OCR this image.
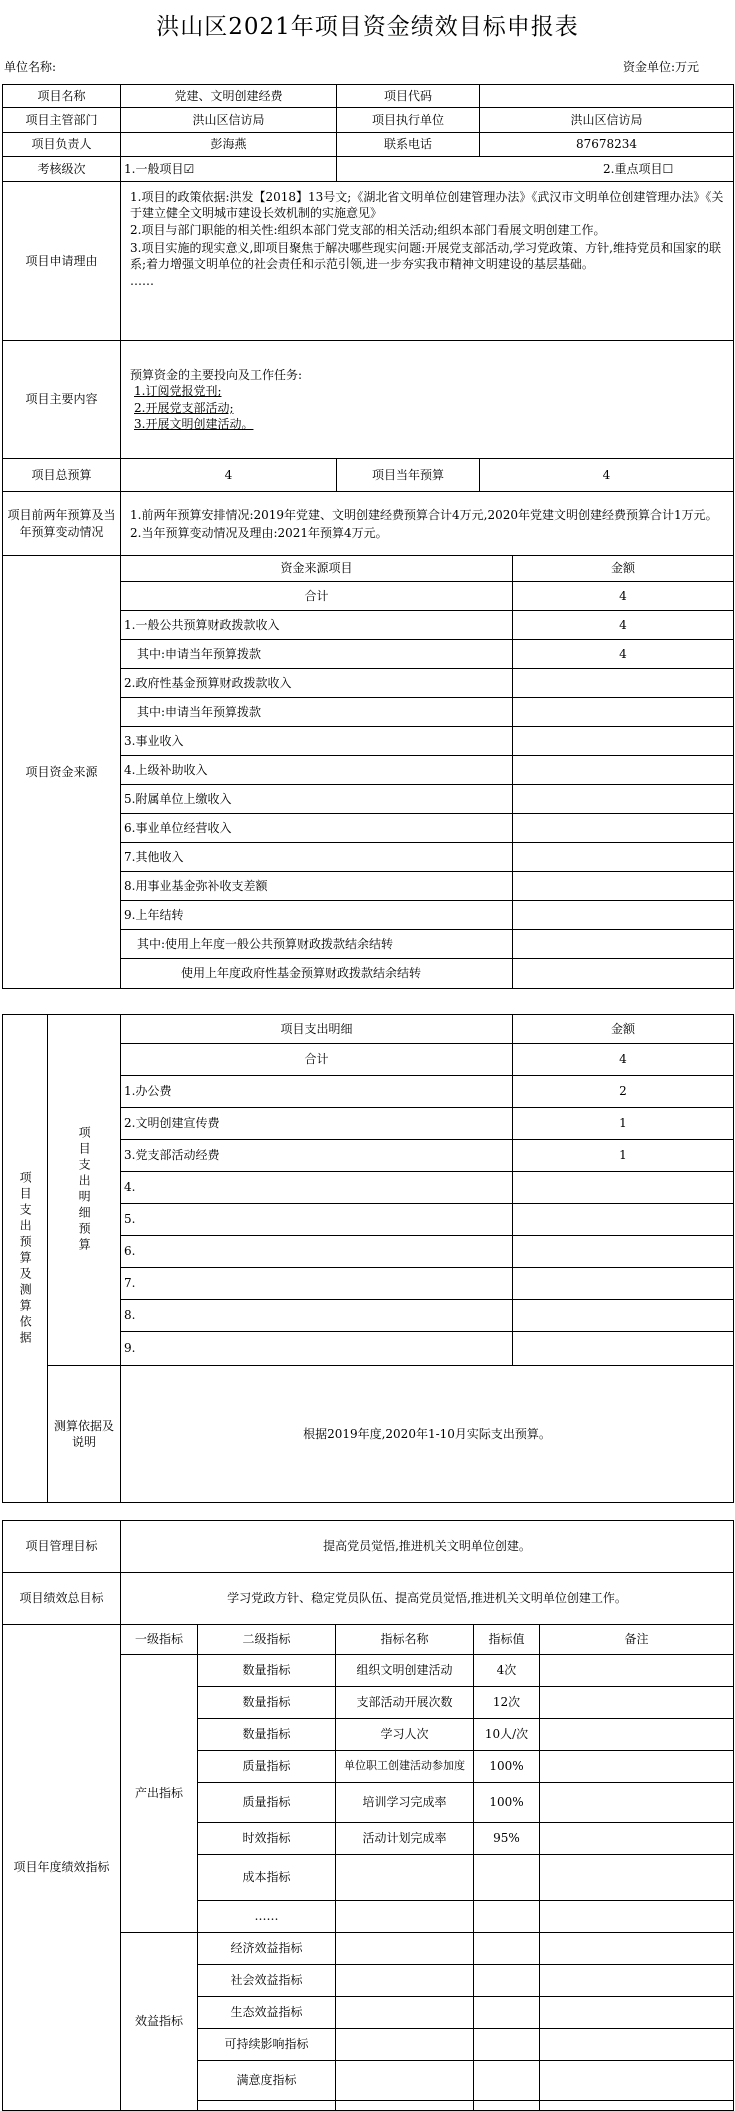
洪山区2021年项目资金绩效目标申报表
单位名称:	资金单位:万元
项目名称	党建、文明创建经费	项目代码	
项目主管部门	洪山区信访局	项目执行单位	洪山区信访局
项目负责人	彭海燕	联系电话	87678234
考核级次	1.一般项目☑	2.重点项目☐	
项目申请理由	1.项目的政策依据:洪发【2018】13号文;《湖北省文明单位创建管理办法》《武汉市文明单位创建管理办法》《关于建立健全文明城市建设长效机制的实施意见》
2.项目与部门职能的相关性:组织本部门党支部的相关活动;组织本部门看展文明创建工作。
3.项目实施的现实意义,即项目聚焦于解决哪些现实问题:开展党支部活动,学习党政策、方针,维持党员和国家的联系;着力增强文明单位的社会责任和示范引领,进一步夯实我市精神文明建设的基层基础。
……		

项目主要内容	预算资金的主要投向及工作任务:
1.订阅党报党刊;
2.开展党支部活动;
3.开展文明创建活动。		

项目总预算	4	项目当年预算	4
项目前两年预算及当年预算变动情况	1.前两年预算安排情况:2019年党建、文明创建经费预算合计4万元,2020年党建文明创建经费预算合计1万元。
2.当年预算变动情况及理由:2021年预算4万元。		
项目资金来源	资金来源项目	金额
	合计	4
	1.一般公共预算财政拨款收入	4
	其中:申请当年预算拨款	4
	2.政府性基金预算财政拨款收入	
	其中:申请当年预算拨款	
	3.事业收入	
	4.上级补助收入	
	5.附属单位上缴收入	
	6.事业单位经营收入	
	7.其他收入	
	8.用事业基金弥补收支差额	
	9.上年结转	
	其中:使用上年度一般公共预算财政拨款结余结转	
	使用上年度政府性基金预算财政拨款结余结转	
项目支出预算及测算依据	项目支出明细预算	项目支出明细	金额
		合计	4
		1.办公费	2
		2.文明创建宣传费	1
		3.党支部活动经费	1
		4.	
		5.	
		6.	
		7.	
		8.	
		9.	
	测算依据及说明	根据2019年度,2020年1-10月实际支出预算。	
项目管理目标	提高党员觉悟,推进机关文明单位创建。
项目绩效总目标	学习党政方针、稳定党员队伍、提高党员觉悟,推进机关文明单位创建工作。
项目年度绩效指标	一级指标	二级指标	指标名称	指标值	备注
	产出指标	数量指标	组织文明创建活动	4次	
		数量指标	支部活动开展次数	12次	
		数量指标	学习人次	10人/次	
		质量指标	单位职工创建活动参加度	100%	
		质量指标	培训学习完成率	100%	
		时效指标	活动计划完成率	95%	
		成本指标			
		……			
	效益指标	经济效益指标			
		社会效益指标			
		生态效益指标			
		可持续影响指标			
		满意度指标			
